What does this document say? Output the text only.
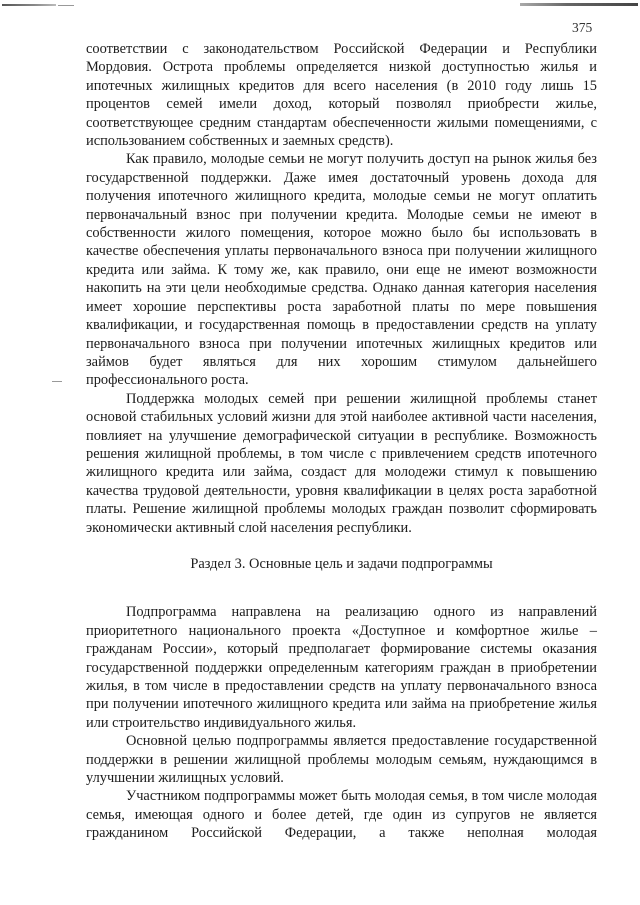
375

соответствии с законодательством Российской Федерации и Республики Мордовия. Острота проблемы определяется низкой доступностью жилья и ипотечных жилищных кредитов для всего населения (в 2010 году лишь 15 процентов семей имели доход, который позволял приобрести жилье, соответствующее средним стандартам обеспеченности жилыми помещениями, с использованием собственных и заемных средств).

Как правило, молодые семьи не могут получить доступ на рынок жилья без государственной поддержки. Даже имея достаточный уровень дохода для получения ипотечного жилищного кредита, молодые семьи не могут оплатить первоначальный взнос при получении кредита. Молодые семьи не имеют в собственности жилого помещения, которое можно было бы использовать в качестве обеспечения уплаты первоначального взноса при получении жилищного кредита или займа. К тому же, как правило, они еще не имеют возможности накопить на эти цели необходимые средства. Однако данная категория населения имеет хорошие перспективы роста заработной платы по мере повышения квалификации, и государственная помощь в предоставлении средств на уплату первоначального взноса при получении ипотечных жилищных кредитов или займов будет являться для них хорошим стимулом дальнейшего профессионального роста.

Поддержка молодых семей при решении жилищной проблемы станет основой стабильных условий жизни для этой наиболее активной части населения, повлияет на улучшение демографической ситуации в республике. Возможность решения жилищной проблемы, в том числе с привлечением средств ипотечного жилищного кредита или займа, создаст для молодежи стимул к повышению качества трудовой деятельности, уровня квалификации в целях роста заработной платы. Решение жилищной проблемы молодых граждан позволит сформировать экономически активный слой населения республики.

Раздел 3. Основные цель и задачи подпрограммы

Подпрограмма направлена на реализацию одного из направлений приоритетного национального проекта «Доступное и комфортное жилье – гражданам России», который предполагает формирование системы оказания государственной поддержки определенным категориям граждан в приобретении жилья, в том числе в предоставлении средств на уплату первоначального взноса при получении ипотечного жилищного кредита или займа на приобретение жилья или строительство индивидуального жилья.

Основной целью подпрограммы является предоставление государственной поддержки в решении жилищной проблемы молодым семьям, нуждающимся в улучшении жилищных условий.

Участником подпрограммы может быть молодая семья, в том числе молодая семья, имеющая одного и более детей, где один из супругов не является гражданином Российской Федерации, а также неполная молодая
